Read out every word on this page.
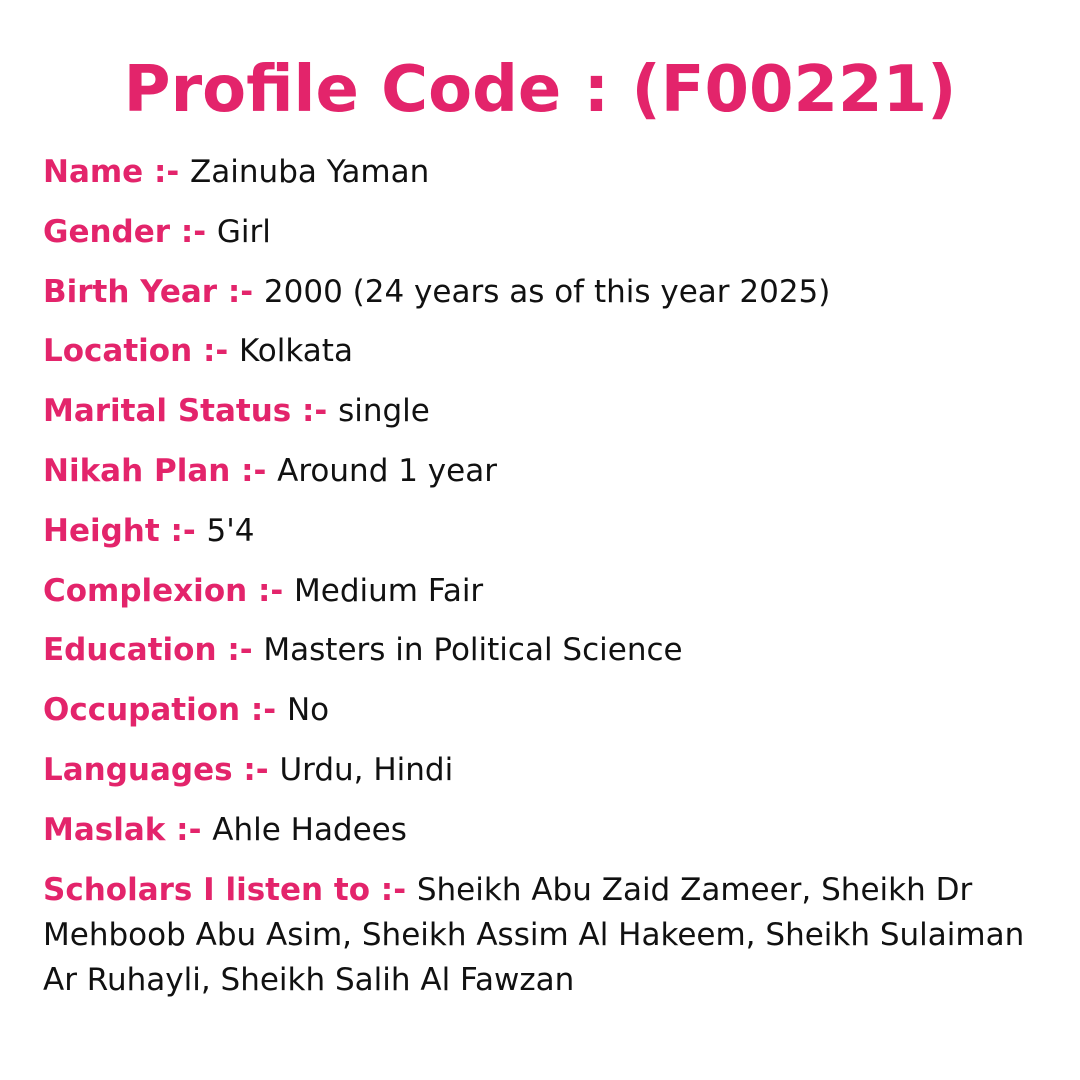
Profile Code : (F00221)

Name :- Zainuba Yaman

Gender :- Girl

Birth Year :- 2000 (24 years as of this year 2025)

Location :- Kolkata

Marital Status :- single

Nikah Plan :- Around 1 year

Height :- 5'4

Complexion :- Medium Fair

Education :- Masters in Political Science

Occupation :- No

Languages :- Urdu, Hindi

Maslak :- Ahle Hadees

Scholars I listen to :- Sheikh Abu Zaid Zameer, Sheikh Dr Mehboob Abu Asim, Sheikh Assim Al Hakeem, Sheikh Sulaiman Ar Ruhayli, Sheikh Salih Al Fawzan
